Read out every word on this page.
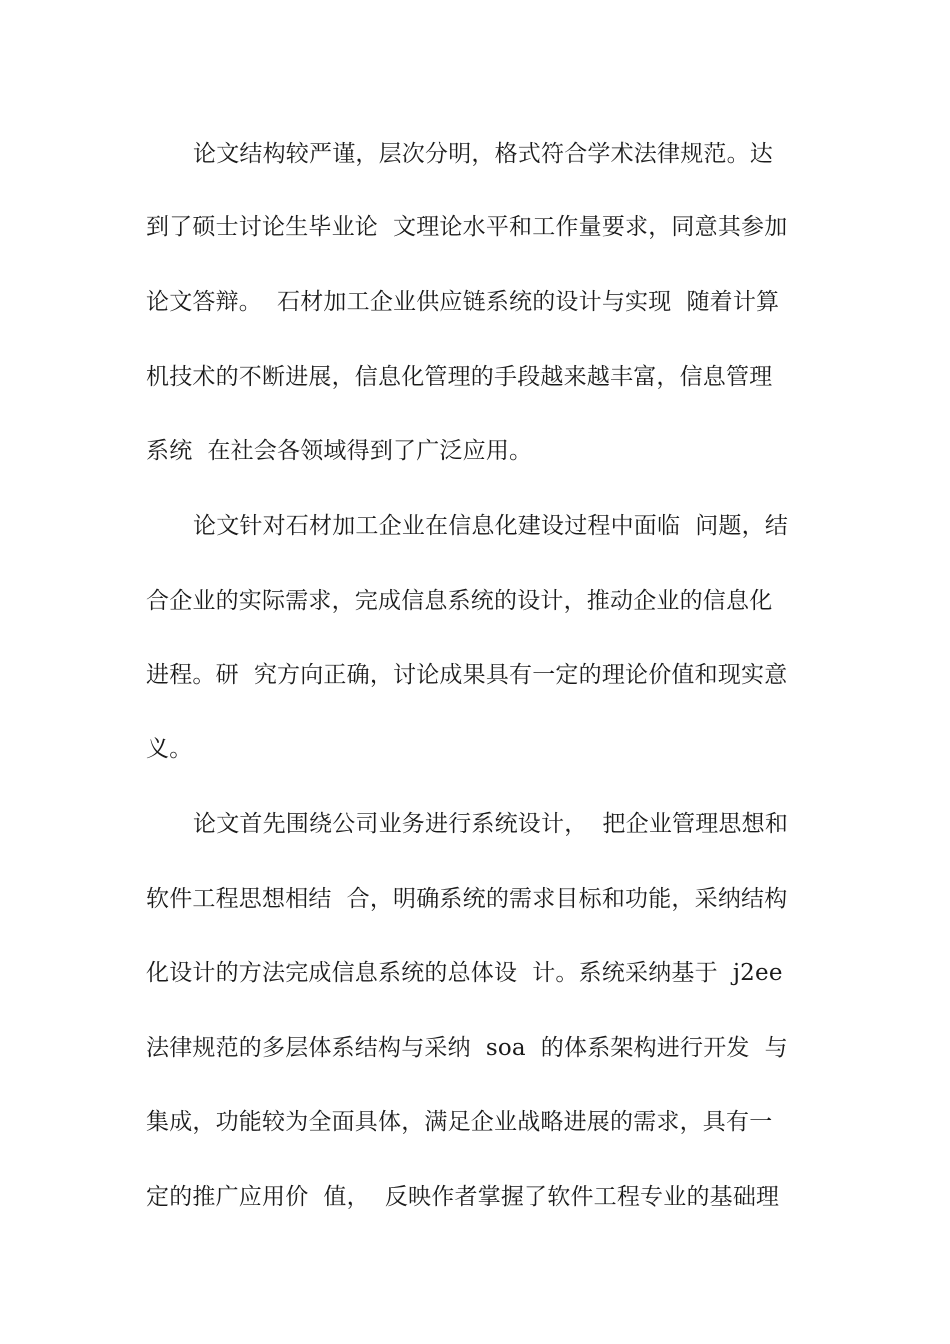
论文结构较严谨，层次分明，格式符合学术法律规范。达
到了硕士讨论生毕业论  文理论水平和工作量要求，同意其参加
论文答辩。  石材加工企业供应链系统的设计与实现  随着计算
机技术的不断进展，信息化管理的手段越来越丰富，信息管理
系统  在社会各领域得到了广泛应用。
论文针对石材加工企业在信息化建设过程中面临  问题，结
合企业的实际需求，完成信息系统的设计，推动企业的信息化
进程。研  究方向正确，讨论成果具有一定的理论价值和现实意
义。
论文首先围绕公司业务进行系统设计，  把企业管理思想和
软件工程思想相结  合，明确系统的需求目标和功能，采纳结构
化设计的方法完成信息系统的总体设  计。系统采纳基于  j2ee
法律规范的多层体系结构与采纳  soa  的体系架构进行开发  与
集成，功能较为全面具体，满足企业战略进展的需求，具有一
定的推广应用价  值，  反映作者掌握了软件工程专业的基础理
